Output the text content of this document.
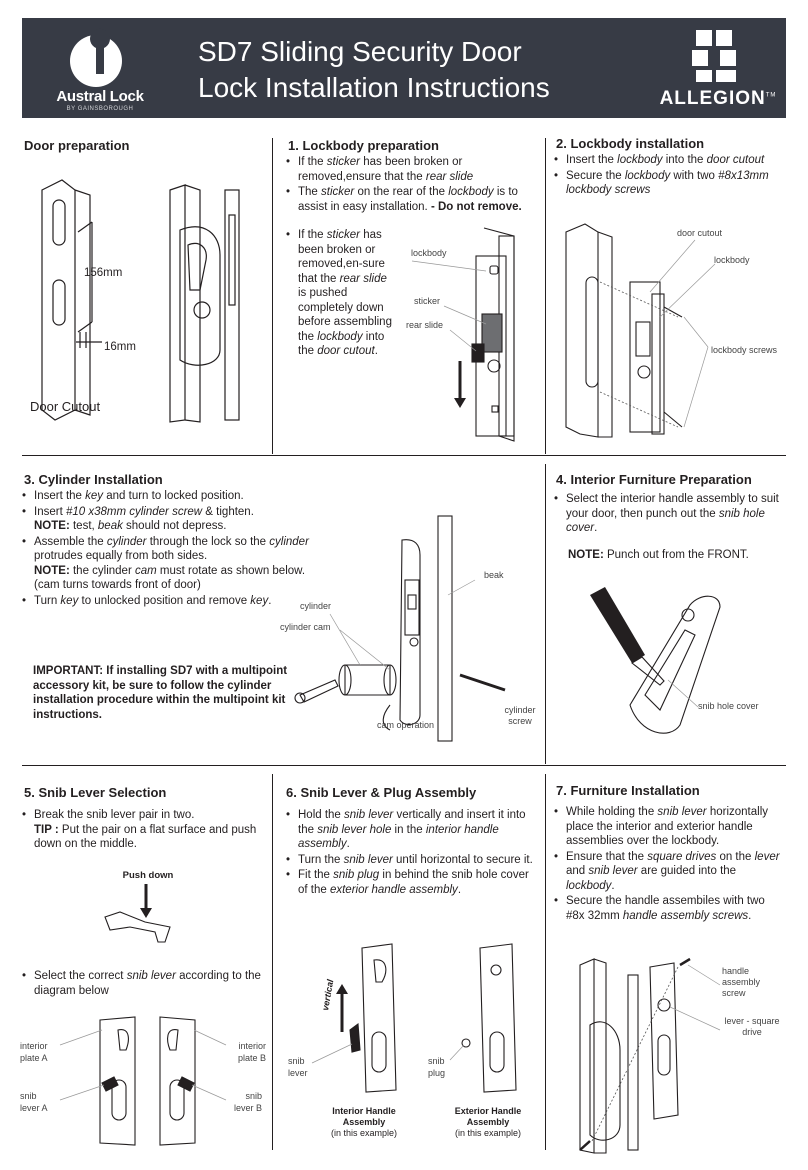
Austral Lock
BY GAINSBOROUGH
SD7 Sliding Security Door
Lock Installation Instructions	ALLEGION™
Door preparation
156mm
16mm
Door Cutout
1. Lockbody preparation
• If the sticker has been broken or removed,ensure that the rear slide
• The sticker on the rear of the lockbody is to assist in easy installation. - Do not remove.
• If the sticker has been broken or removed,en-sure that the rear slide is pushed completely down before assembling the lockbody into the door cutout.
lockbody
sticker
rear slide
2. Lockbody installation
• Insert the lockbody into the door cutout
• Secure the lockbody with two #8x13mm lockbody screws
door cutout
lockbody
lockbody screws
3. Cylinder Installation
• Insert the key and turn to locked position.
• Insert #10 x38mm cylinder screw & tighten.
NOTE: test, beak should not depress.
• Assemble the cylinder through the lock so the cylinder protrudes equally from both sides.
NOTE: the cylinder cam must rotate as shown below. (cam turns towards front of door)
• Turn key to unlocked position and remove key.
IMPORTANT: If installing SD7 with a multipoint accessory kit, be sure to follow the cylinder installation procedure within the multipoint kit instructions.
beak
cylinder
cylinder cam
cam operation
cylinder screw
4. Interior Furniture Preparation
• Select the interior handle assembly to suit your door, then punch out the snib hole cover.
NOTE: Punch out from the FRONT.
snib hole cover
5. Snib Lever Selection
• Break the snib lever pair in two.
TIP : Put the pair on a flat surface and push down on the middle.
Push down
• Select the correct snib lever according to the diagram below
interior plate A
snib lever A
interior plate B
snib lever B
6. Snib Lever & Plug Assembly
• Hold the snib lever vertically and insert it into the snib lever hole in the interior handle assembly.
• Turn the snib lever until horizontal to secure it.
• Fit the snib plug in behind the snib hole cover of the exterior handle assembly.
vertical
snib lever
snib plug
Interior Handle Assembly
(in this example)
Exterior Handle Assembly
(in this example)
7. Furniture Installation
• While holding the snib lever horizontally place the interior and exterior handle assemblies over the lockbody.
• Ensure that the square drives on the lever and snib lever are guided into the lockbody.
• Secure the handle assembiles with two #8x 32mm handle assembly screws.
handle assembly screw
lever - square drive
